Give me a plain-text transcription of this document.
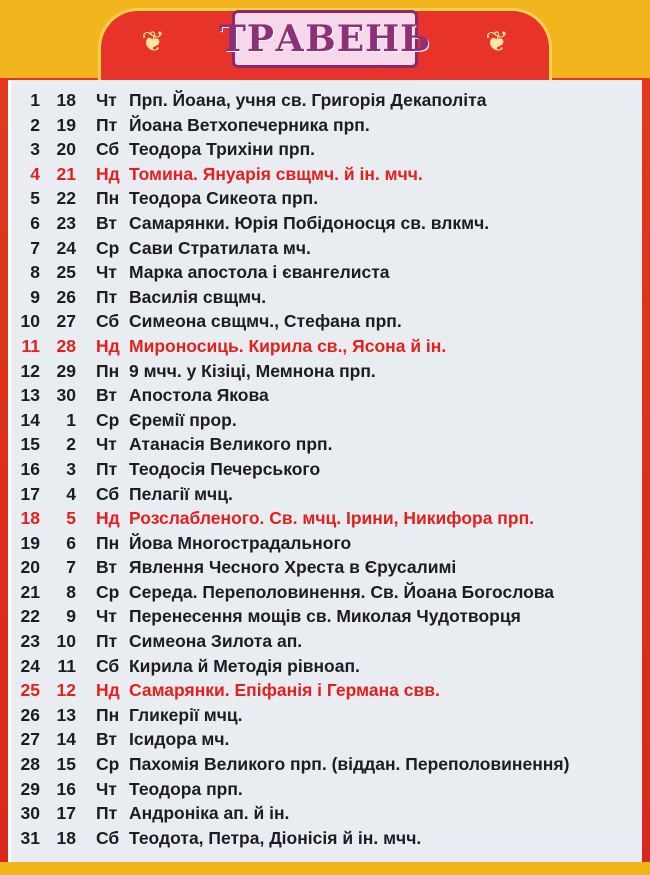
❦	❦
ТРАВЕНЬ
1 18 Чт Прп. Йоана, учня св. Григорія Декаполіта
2 19 Пт Йоана Ветхопечерника прп.
3 20 Сб Теодора Трихіни прп.
4 21 Нд Томина. Януарія свщмч. й ін. мчч.
5 22 Пн Теодора Сикеота прп.
6 23 Вт Самарянки. Юрія Побідоносця св. влкмч.
7 24 Ср Сави Стратилата мч.
8 25 Чт Марка апостола і євангелиста
9 26 Пт Василія свщмч.
10 27 Сб Симеона свщмч., Стефана прп.
11 28 Нд Мироносиць. Кирила св., Ясона й ін.
12 29 Пн 9 мчч. у Кізіці, Мемнона прп.
13 30 Вт Апостола Якова
14	1 Ср Єремії прор.
15	2 Чт Атанасія Великого прп.
16	3 Пт Теодосія Печерського
17	4 Сб Пелагії мчц.
18	5 Нд Розслабленого. Св. мчц. Ірини, Никифора прп.
19	6 Пн Йова Многострадального
20	7 Вт Явлення Чесного Хреста в Єрусалимі
21	8 Ср Середа. Переполовинення. Св. Йоана Богослова
22	9 Чт Перенесення мощів св. Миколая Чудотворця
23 10 Пт Симеона Зилота ап.
24	11 Сб Кирила й Методія рівноап.
25 12 Нд Самарянки. Епіфанія і Германа свв.
26 13 Пн Гликерії мчц.
27 14 Вт Ісидора мч.
28 15 Ср Пахомія Великого прп. (віддан. Переполовинення)
29 16 Чт Теодора прп.
30 17 Пт Андроніка ап. й ін.
31 18 Сб Теодота, Петра, Діонісія й ін. мчч.
